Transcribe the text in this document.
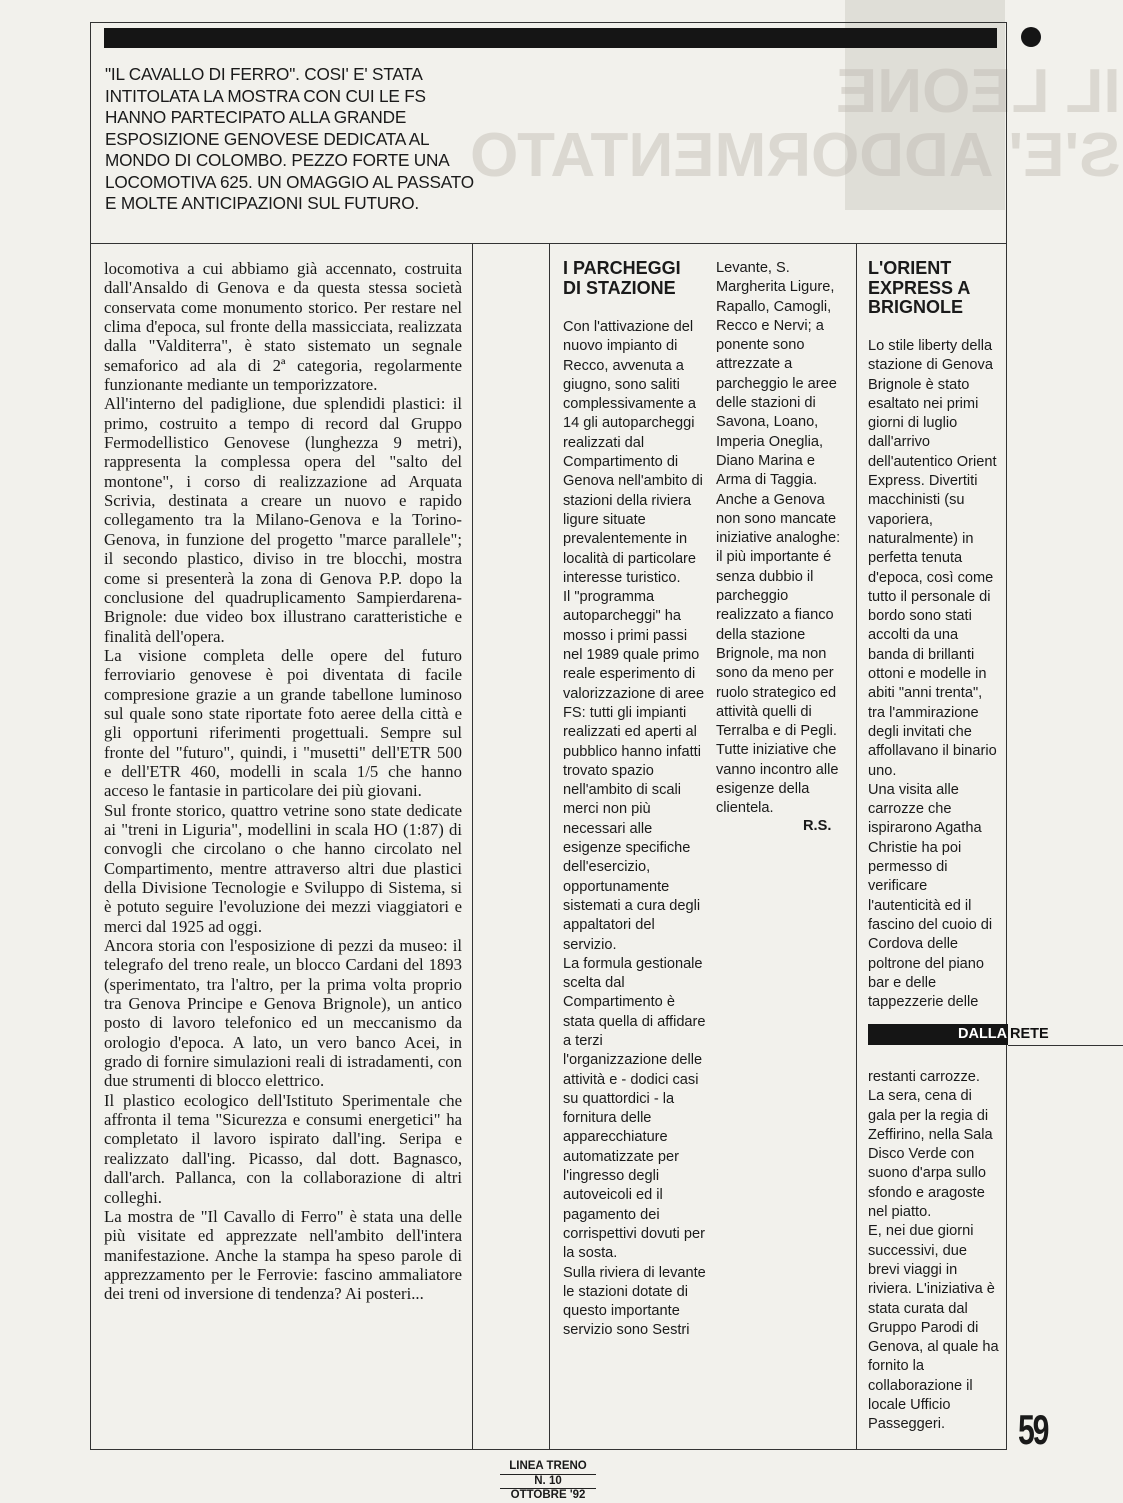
IL LEONE
S'E' ADDORMENTATO

"IL CAVALLO DI FERRO". COSI' E' STATA INTITOLATA LA MOSTRA CON CUI LE FS HANNO PARTECIPATO ALLA GRANDE ESPOSIZIONE GENOVESE DEDICATA AL MONDO DI COLOMBO. PEZZO FORTE UNA LOCOMOTIVA 625. UN OMAGGIO AL PASSATO E MOLTE ANTICIPAZIONI SUL FUTURO.

locomotiva a cui abbiamo già accennato, costruita dall'Ansaldo di Genova e da questa stessa società conservata come monumento storico. Per restare nel clima d'epoca, sul fronte della massicciata, realizzata dalla "Valditerra", è stato sistemato un segnale semaforico ad ala di 2ª categoria, regolarmente funzionante mediante un temporizzatore.

All'interno del padiglione, due splendidi plastici: il primo, costruito a tempo di record dal Gruppo Fermodellistico Genovese (lunghezza 9 metri), rappresenta la complessa opera del "salto del montone", i corso di realizzazione ad Arquata Scrivia, destinata a creare un nuovo e rapido collegamento tra la Milano-Genova e la Torino-Genova, in funzione del progetto "marce parallele"; il secondo plastico, diviso in tre blocchi, mostra come si presenterà la zona di Genova P.P. dopo la conclusione del quadruplicamento Sampierdarena-Brignole: due video box illustrano caratteristiche e finalità dell'opera.

La visione completa delle opere del futuro ferroviario genovese è poi diventata di facile compresione grazie a un grande tabellone luminoso sul quale sono state riportate foto aeree della città e gli opportuni riferimenti progettuali. Sempre sul fronte del "futuro", quindi, i "musetti" dell'ETR 500 e dell'ETR 460, modelli in scala 1/5 che hanno acceso le fantasie in particolare dei più giovani.

Sul fronte storico, quattro vetrine sono state dedicate ai "treni in Liguria", modellini in scala HO (1:87) di convogli che circolano o che hanno circolato nel Compartimento, mentre attraverso altri due plastici della Divisione Tecnologie e Sviluppo di Sistema, si è potuto seguire l'evoluzione dei mezzi viaggiatori e merci dal 1925 ad oggi.

Ancora storia con l'esposizione di pezzi da museo: il telegrafo del treno reale, un blocco Cardani del 1893 (sperimentato, tra l'altro, per la prima volta proprio tra Genova Principe e Genova Brignole), un antico posto di lavoro telefonico ed un meccanismo da orologio d'epoca. A lato, un vero banco Acei, in grado di fornire simulazioni reali di istradamenti, con due strumenti di blocco elettrico.

Il plastico ecologico dell'Istituto Sperimentale che affronta il tema "Sicurezza e consumi energetici" ha completato il lavoro ispirato dall'ing. Seripa e realizzato dall'ing. Picasso, dal dott. Bagnasco, dall'arch. Pallanca, con la collaborazione di altri colleghi.

La mostra de "Il Cavallo di Ferro" è stata una delle più visitate ed apprezzate nell'ambito dell'intera manifestazione. Anche la stampa ha speso parole di apprezzamento per le Ferrovie: fascino ammaliatore dei treni od inversione di tendenza? Ai posteri...

I PARCHEGGI DI STAZIONE

Con l'attivazione del nuovo impianto di Recco, avvenuta a giugno, sono saliti complessivamente a 14 gli autoparcheggi realizzati dal Compartimento di Genova nell'ambito di stazioni della riviera ligure situate prevalentemente in località di particolare interesse turistico.

Il "programma autoparcheggi" ha mosso i primi passi nel 1989 quale primo reale esperimento di valorizzazione di aree FS: tutti gli impianti realizzati ed aperti al pubblico hanno infatti trovato spazio nell'ambito di scali merci non più necessari alle esigenze specifiche dell'esercizio, opportunamente sistemati a cura degli appaltatori del servizio.

La formula gestionale scelta dal Compartimento è stata quella di affidare a terzi l'organizzazione delle attività e - dodici casi su quattordici - la fornitura delle apparecchiature automatizzate per l'ingresso degli autoveicoli ed il pagamento dei corrispettivi dovuti per la sosta.

Sulla riviera di levante le stazioni dotate di questo importante servizio sono Sestri

Levante, S. Margherita Ligure, Rapallo, Camogli, Recco e Nervi; a ponente sono attrezzate a parcheggio le aree delle stazioni di Savona, Loano, Imperia Oneglia, Diano Marina e Arma di Taggia.

Anche a Genova non sono mancate iniziative analoghe: il più importante é senza dubbio il parcheggio realizzato a fianco della stazione Brignole, ma non sono da meno per ruolo strategico ed attività quelli di Terralba e di Pegli.

Tutte iniziative che vanno incontro alle esigenze della clientela.

R.S.
L'ORIENT EXPRESS A BRIGNOLE

Lo stile liberty della stazione di Genova Brignole è stato esaltato nei primi giorni di luglio dall'arrivo dell'autentico Orient Express. Divertiti macchinisti (su vaporiera, naturalmente) in perfetta tenuta d'epoca, così come tutto il personale di bordo sono stati accolti da una banda di brillanti ottoni e modelle in abiti "anni trenta", tra l'ammirazione degli invitati che affollavano il binario uno.

Una visita alle carrozze che ispirarono Agatha Christie ha poi permesso di verificare l'autenticità ed il fascino del cuoio di Cordova delle poltrone del piano bar e delle tappezzerie delle

DALLA RETE

restanti carrozze.

La sera, cena di gala per la regia di Zeffirino, nella Sala Disco Verde con suono d'arpa sullo sfondo e aragoste nel piatto.

E, nei due giorni successivi, due brevi viaggi in riviera. L'iniziativa è stata curata dal Gruppo Parodi di Genova, al quale ha fornito la collaborazione il locale Ufficio Passeggeri.	59
LINEA TRENO
N. 10
OTTOBRE '92
